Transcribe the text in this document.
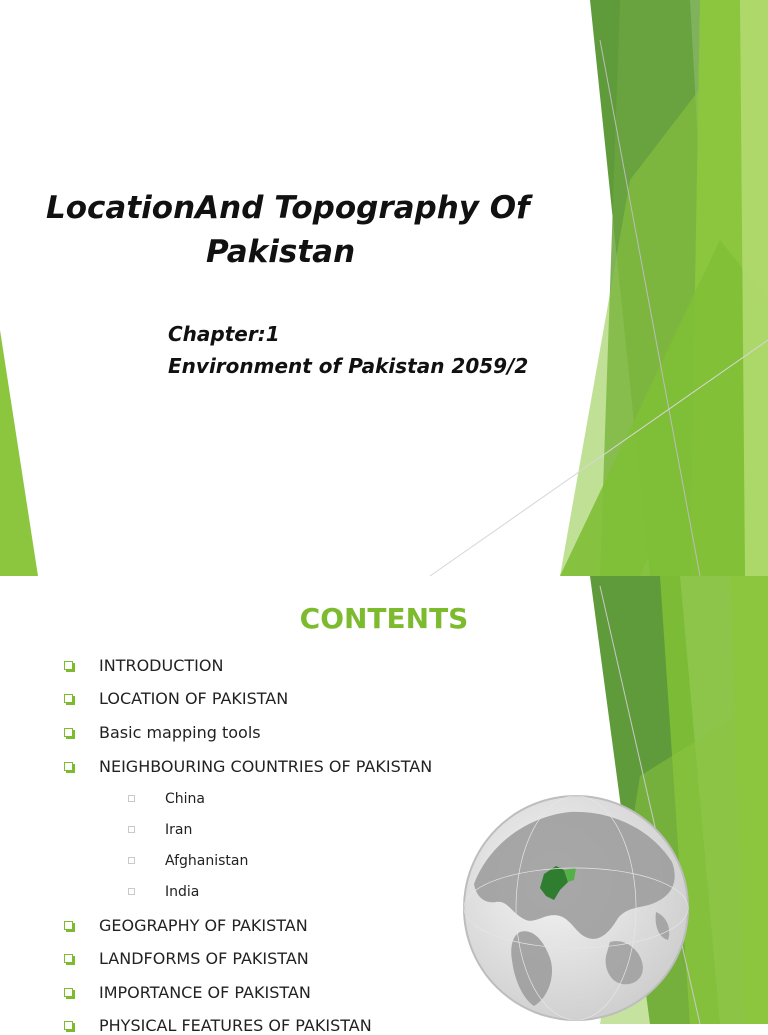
LocationAnd Topography Of
Pakistan
Chapter:1
Environment of Pakistan 2059/2
CONTENTS
INTRODUCTION
LOCATION OF PAKISTAN
Basic mapping tools
NEIGHBOURING COUNTRIES OF PAKISTAN
China
Iran
Afghanistan
India
GEOGRAPHY OF PAKISTAN
LANDFORMS OF PAKISTAN
IMPORTANCE OF PAKISTAN
PHYSICAL FEATURES OF PAKISTAN
